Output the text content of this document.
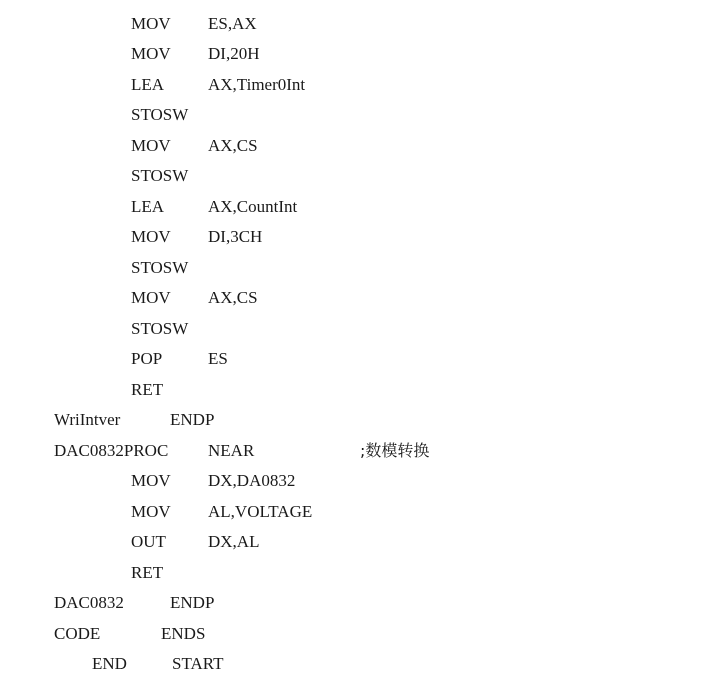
MOV ES,AX
MOV DI,20H
LEA	AX,Timer0Int
STOSW
MOV AX,CS
STOSW
LEA	AX,CountInt
MOV DI,3CH
STOSW
MOV AX,CS
STOSW
POP	ES
RET
WriIntver	ENDP
DAC0832PROC NEAR	;数模转换
MOV DX,DA0832
MOV AL,VOLTAGE
OUT DX,AL
RET
DAC0832	ENDP
CODE	ENDS
END	START
